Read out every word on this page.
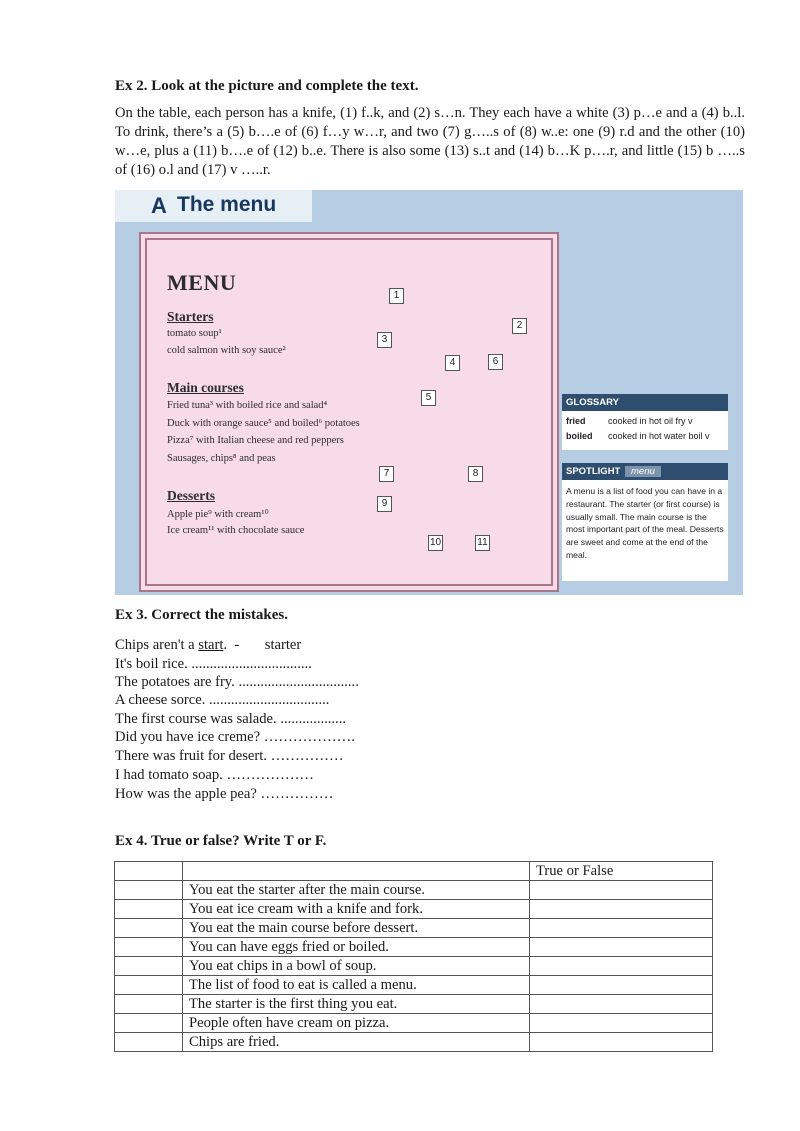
Ex 2. Look at the picture and complete the text.
On the table, each person has a knife, (1) f..k, and (2) s…n. They each have a white (3) p…e and a (4) b..l. To drink, there’s a (5) b….e of (6) f…y w…r, and two (7) g…..s of (8) w..e: one (9) r.d and the other (10) w…e, plus a (11) b….e of (12) b..e. There is also some (13) s..t and (14) b…K p….r, and little (15) b …..s of (16) o.l and (17) v …..r.
A The menu
MENU
Starters
tomato soup¹
cold salmon with soy sauce²
Main courses
Fried tuna³ with boiled rice and salad⁴
Duck with orange sauce⁵ and boiled⁶ potatoes
Pizza⁷ with Italian cheese and red peppers
Sausages, chips⁸ and peas
Desserts
Apple pie⁹ with cream¹⁰
Ice cream¹¹ with chocolate sauce
1
2
3
4
5
6
7	8
9
10	11
GLOSSARY
fried cooked in hot oil fry v
boiled cooked in hot water boil v
SPOTLIGHT menu
A menu is a list of food you can have in a restaurant. The starter (or first course) is usually small. The main course is the most important part of the meal. Desserts are sweet and come at the end of the meal.
Ex 3. Correct the mistakes.
Chips aren't a start.  -       starter
It's boil rice. .................................
The potatoes are fry. .................................
A cheese sorce. .................................
The first course was salade. ..................
Did you have ice creme? ……………….
There was fruit for desert. ……………
I had tomato soap. ………………
How was the apple pea? ……………
Ex 4. True or false? Write T or F.
		True or False
	You eat the starter after the main course.	
	You eat ice cream with a knife and fork.	
	You eat the main course before dessert.	
	You can have eggs fried or boiled.	
	You eat chips in a bowl of soup.	
	The list of food to eat is called a menu.	
	The starter is the first thing you eat.	
	People often have cream on pizza.	
	Chips are fried.	
